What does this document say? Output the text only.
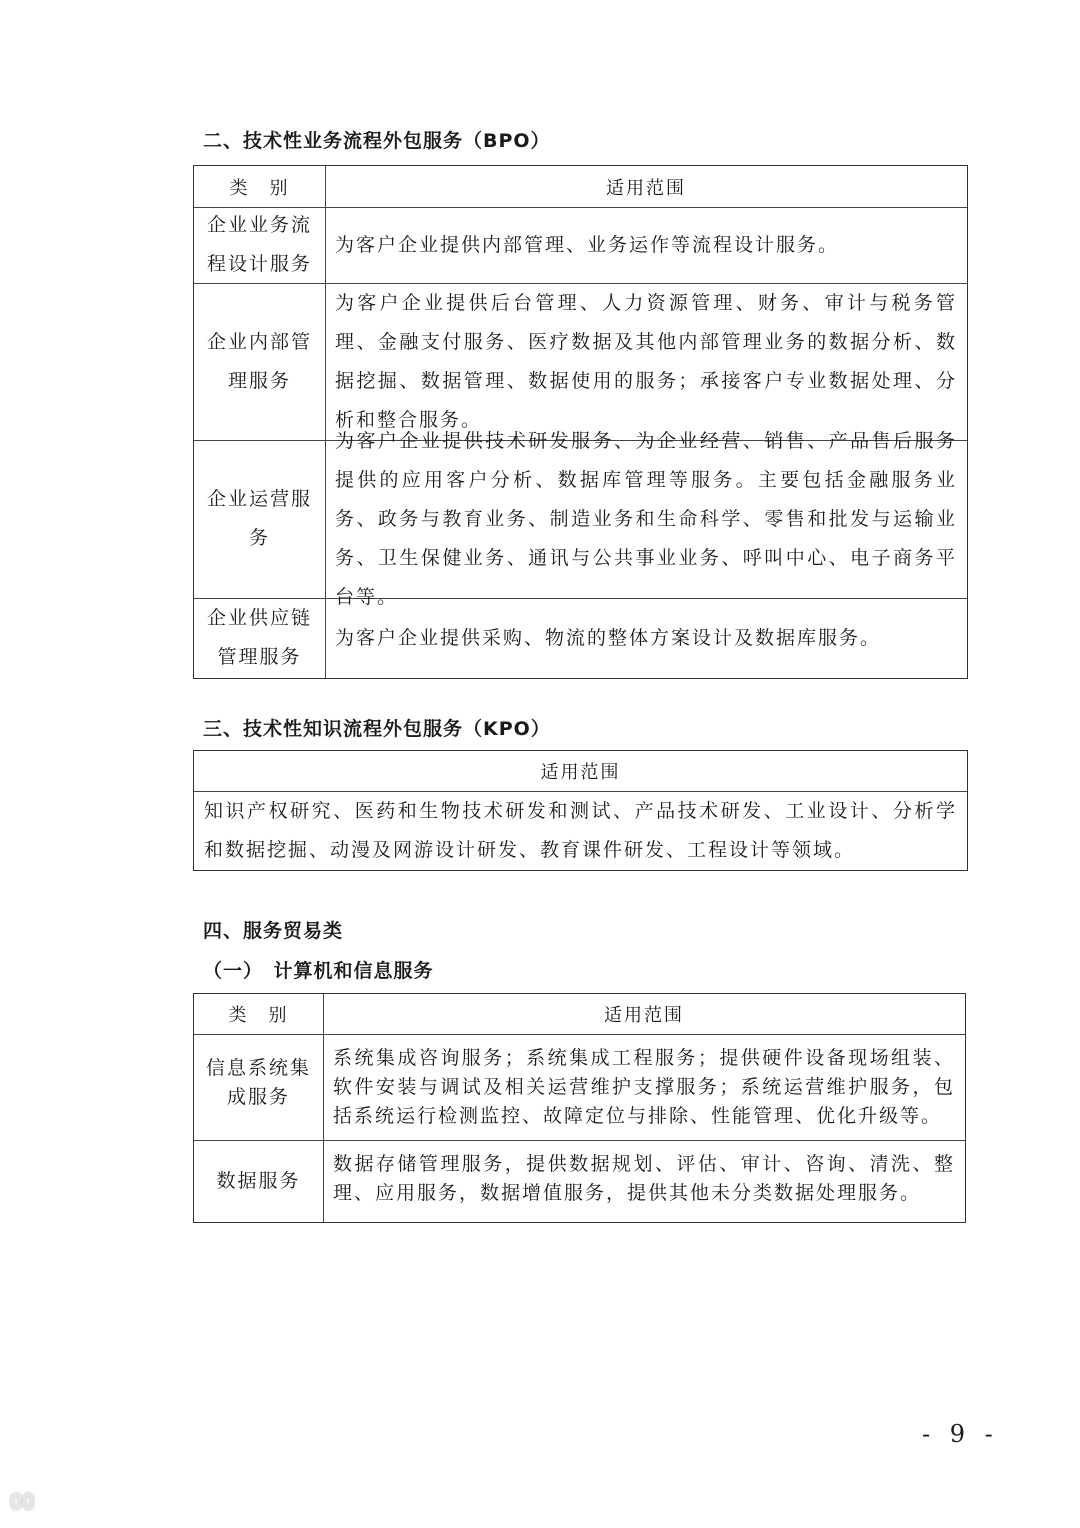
二、技术性业务流程外包服务（BPO）
类　别	适用范围
企业业务流程设计服务
为客户企业提供内部管理、业务运作等流程设计服务。
企业内部管理服务
为客户企业提供后台管理、人力资源管理、财务、审计与税务管理、金融支付服务、医疗数据及其他内部管理业务的数据分析、数据挖掘、数据管理、数据使用的服务；承接客户专业数据处理、分析和整合服务。
企业运营服务
为客户企业提供技术研发服务、为企业经营、销售、产品售后服务提供的应用客户分析、数据库管理等服务。主要包括金融服务业务、政务与教育业务、制造业务和生命科学、零售和批发与运输业务、卫生保健业务、通讯与公共事业业务、呼叫中心、电子商务平台等。
企业供应链管理服务
为客户企业提供采购、物流的整体方案设计及数据库服务。
三、技术性知识流程外包服务（KPO）
适用范围
知识产权研究、医药和生物技术研发和测试、产品技术研发、工业设计、分析学和数据挖掘、动漫及网游设计研发、教育课件研发、工程设计等领域。
四、服务贸易类
（一）　计算机和信息服务
类　别	适用范围
信息系统集成服务
系统集成咨询服务；系统集成工程服务；提供硬件设备现场组装、软件安装与调试及相关运营维护支撑服务；系统运营维护服务，包括系统运行检测监控、故障定位与排除、性能管理、优化升级等。
数据服务
数据存储管理服务，提供数据规划、评估、审计、咨询、清洗、整理、应用服务，数据增值服务，提供其他未分类数据处理服务。
- 9 -
𝟎𝟎
